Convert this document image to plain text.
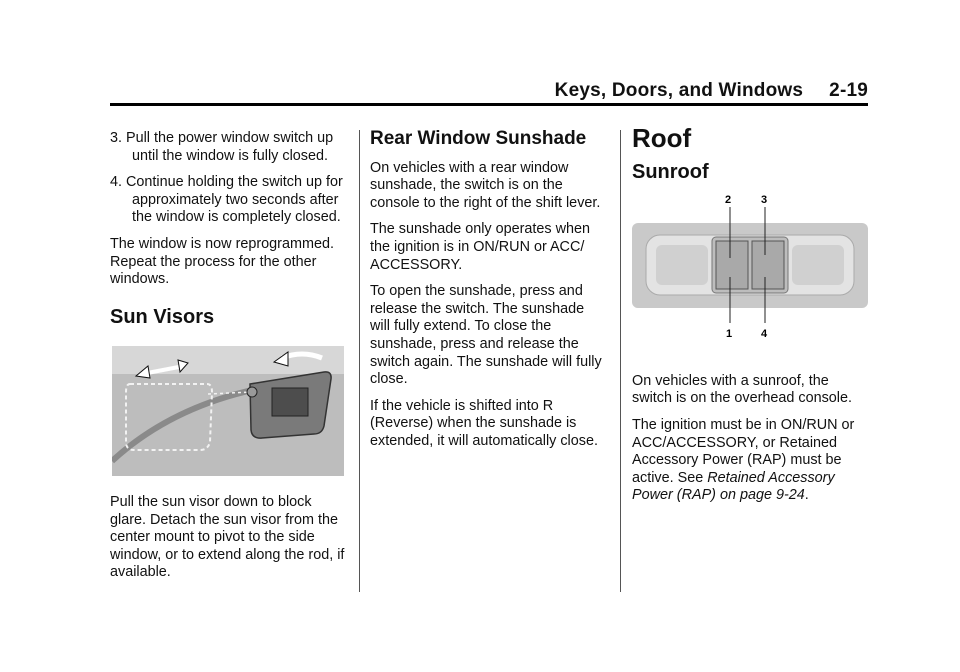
Keys, Doors, and Windows 2-19
3. Pull the power window switch up until the window is fully closed.
4. Continue holding the switch up for approximately two seconds after the window is completely closed.

The window is now reprogrammed. Repeat the process for the other windows.

Sun Visors

Pull the sun visor down to block glare. Detach the sun visor from the center mount to pivot to the side window, or to extend along the rod, if available.

Rear Window Sunshade

On vehicles with a rear window sunshade, the switch is on the console to the right of the shift lever.

The sunshade only operates when the ignition is in ON/RUN or ACC/ ACCESSORY.

To open the sunshade, press and release the switch. The sunshade will fully extend. To close the sunshade, press and release the switch again. The sunshade will fully close.

If the vehicle is shifted into R (Reverse) when the sunshade is extended, it will automatically close.

Roof
Sunroof
2	3
1	4

On vehicles with a sunroof, the switch is on the overhead console.

The ignition must be in ON/RUN or ACC/ACCESSORY, or Retained Accessory Power (RAP) must be active. See Retained Accessory Power (RAP) on page 9-24.
